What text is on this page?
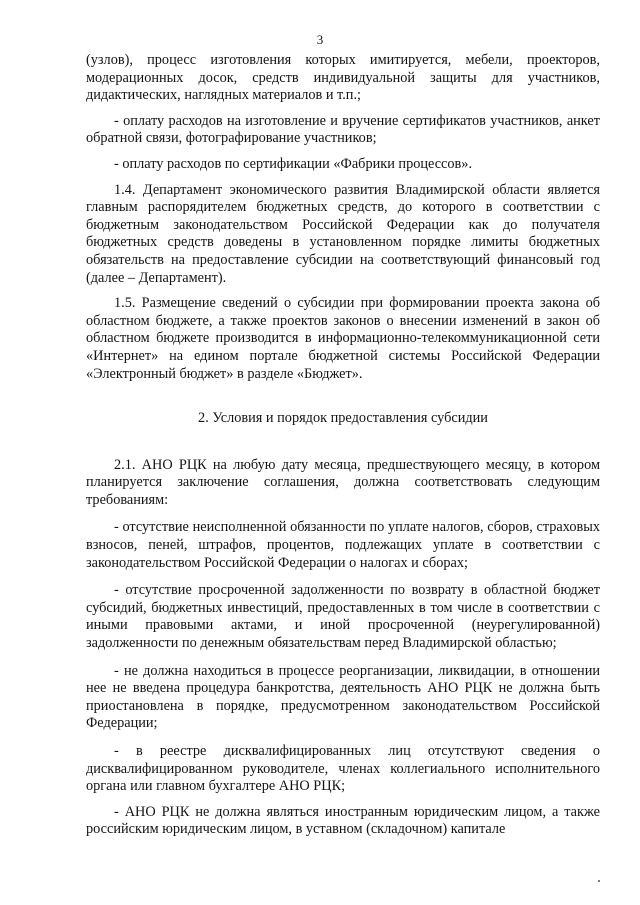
3

(узлов), процесс изготовления которых имитируется, мебели, проекторов, модерационных досок, средств индивидуальной защиты для участников, дидактических, наглядных материалов и т.п.;

- оплату расходов на изготовление и вручение сертификатов участников, анкет обратной связи, фотографирование участников;

- оплату расходов по сертификации «Фабрики процессов».

1.4. Департамент экономического развития Владимирской области является главным распорядителем бюджетных средств, до которого в соответствии с бюджетным законодательством Российской Федерации как до получателя бюджетных средств доведены в установленном порядке лимиты бюджетных обязательств на предоставление субсидии на соответствующий финансовый год (далее – Департамент).

1.5. Размещение сведений о субсидии при формировании проекта закона об областном бюджете, а также проектов законов о внесении изменений в закон об областном бюджете производится в информационно-телекоммуникационной сети «Интернет» на едином портале бюджетной системы Российской Федерации «Электронный бюджет» в разделе «Бюджет».

2. Условия и порядок предоставления субсидии

2.1. АНО РЦК на любую дату месяца, предшествующего месяцу, в котором планируется заключение соглашения, должна соответствовать следующим требованиям:

- отсутствие неисполненной обязанности по уплате налогов, сборов, страховых взносов, пеней, штрафов, процентов, подлежащих уплате в соответствии с законодательством Российской Федерации о налогах и сборах;

- отсутствие просроченной задолженности по возврату в областной бюджет субсидий, бюджетных инвестиций, предоставленных в том числе в соответствии с иными правовыми актами, и иной просроченной (неурегулированной) задолженности по денежным обязательствам перед Владимирской областью;

- не должна находиться в процессе реорганизации, ликвидации, в отношении нее не введена процедура банкротства, деятельность АНО РЦК не должна быть приостановлена в порядке, предусмотренном законодательством Российской Федерации;

- в реестре дисквалифицированных лиц отсутствуют сведения о дисквалифицированном руководителе, членах коллегиального исполнительного органа или главном бухгалтере АНО РЦК;

- АНО РЦК не должна являться иностранным юридическим лицом, а также российским юридическим лицом, в уставном (складочном) капитале
